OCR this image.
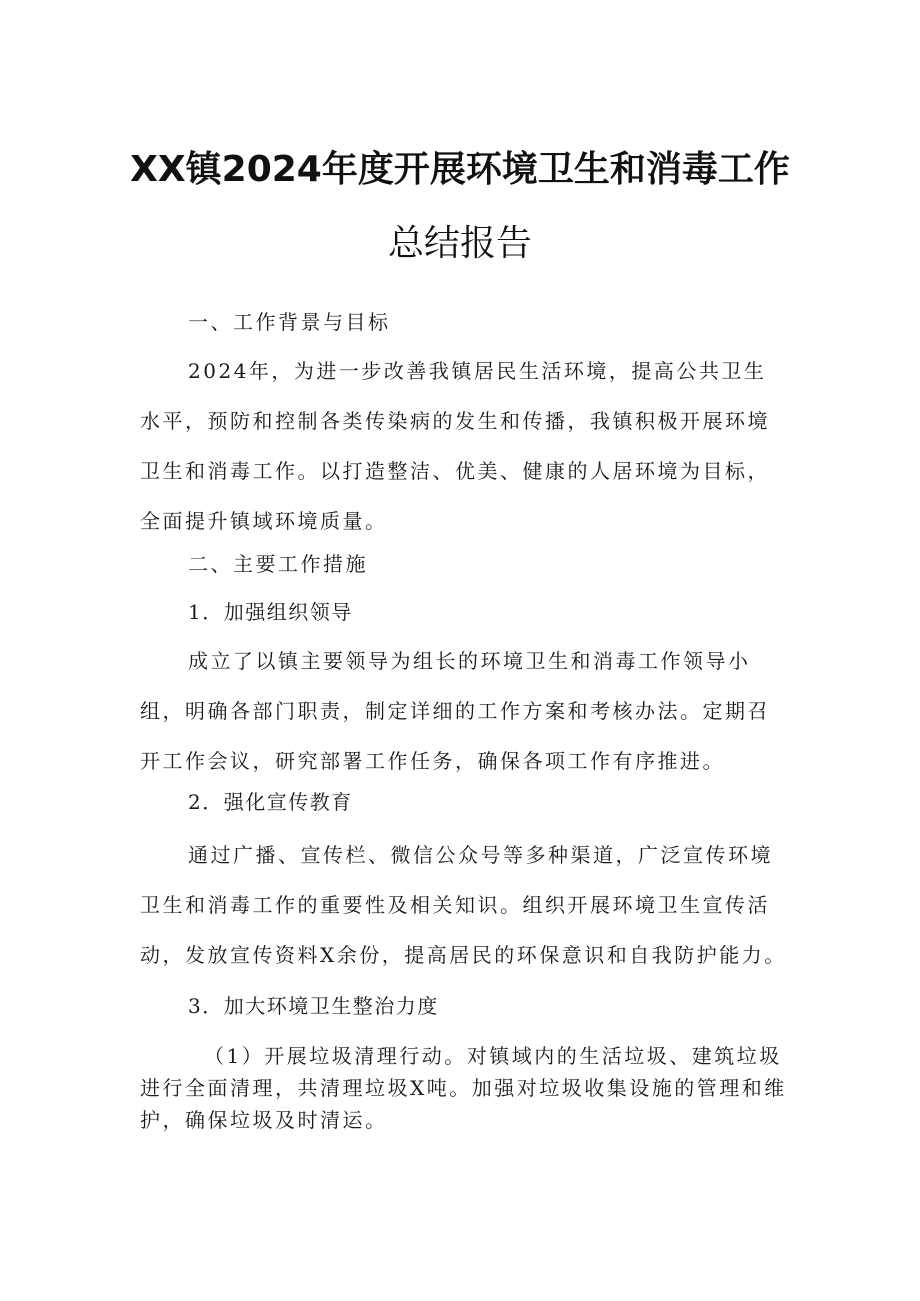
XX镇2024年度开展环境卫生和消毒工作
总结报告
一、工作背景与目标

2024年，为进一步改善我镇居民生活环境，提高公共卫生水平，预防和控制各类传染病的发生和传播，我镇积极开展环境卫生和消毒工作。以打造整洁、优美、健康的人居环境为目标，全面提升镇域环境质量。

二、主要工作措施
1．加强组织领导

成立了以镇主要领导为组长的环境卫生和消毒工作领导小组，明确各部门职责，制定详细的工作方案和考核办法。定期召开工作会议，研究部署工作任务，确保各项工作有序推进。

2．强化宣传教育

通过广播、宣传栏、微信公众号等多种渠道，广泛宣传环境卫生和消毒工作的重要性及相关知识。组织开展环境卫生宣传活动，发放宣传资料X余份，提高居民的环保意识和自我防护能力。

3．加大环境卫生整治力度

（1）开展垃圾清理行动。对镇域内的生活垃圾、建筑垃圾进行全面清理，共清理垃圾X吨。加强对垃圾收集设施的管理和维护，确保垃圾及时清运。
